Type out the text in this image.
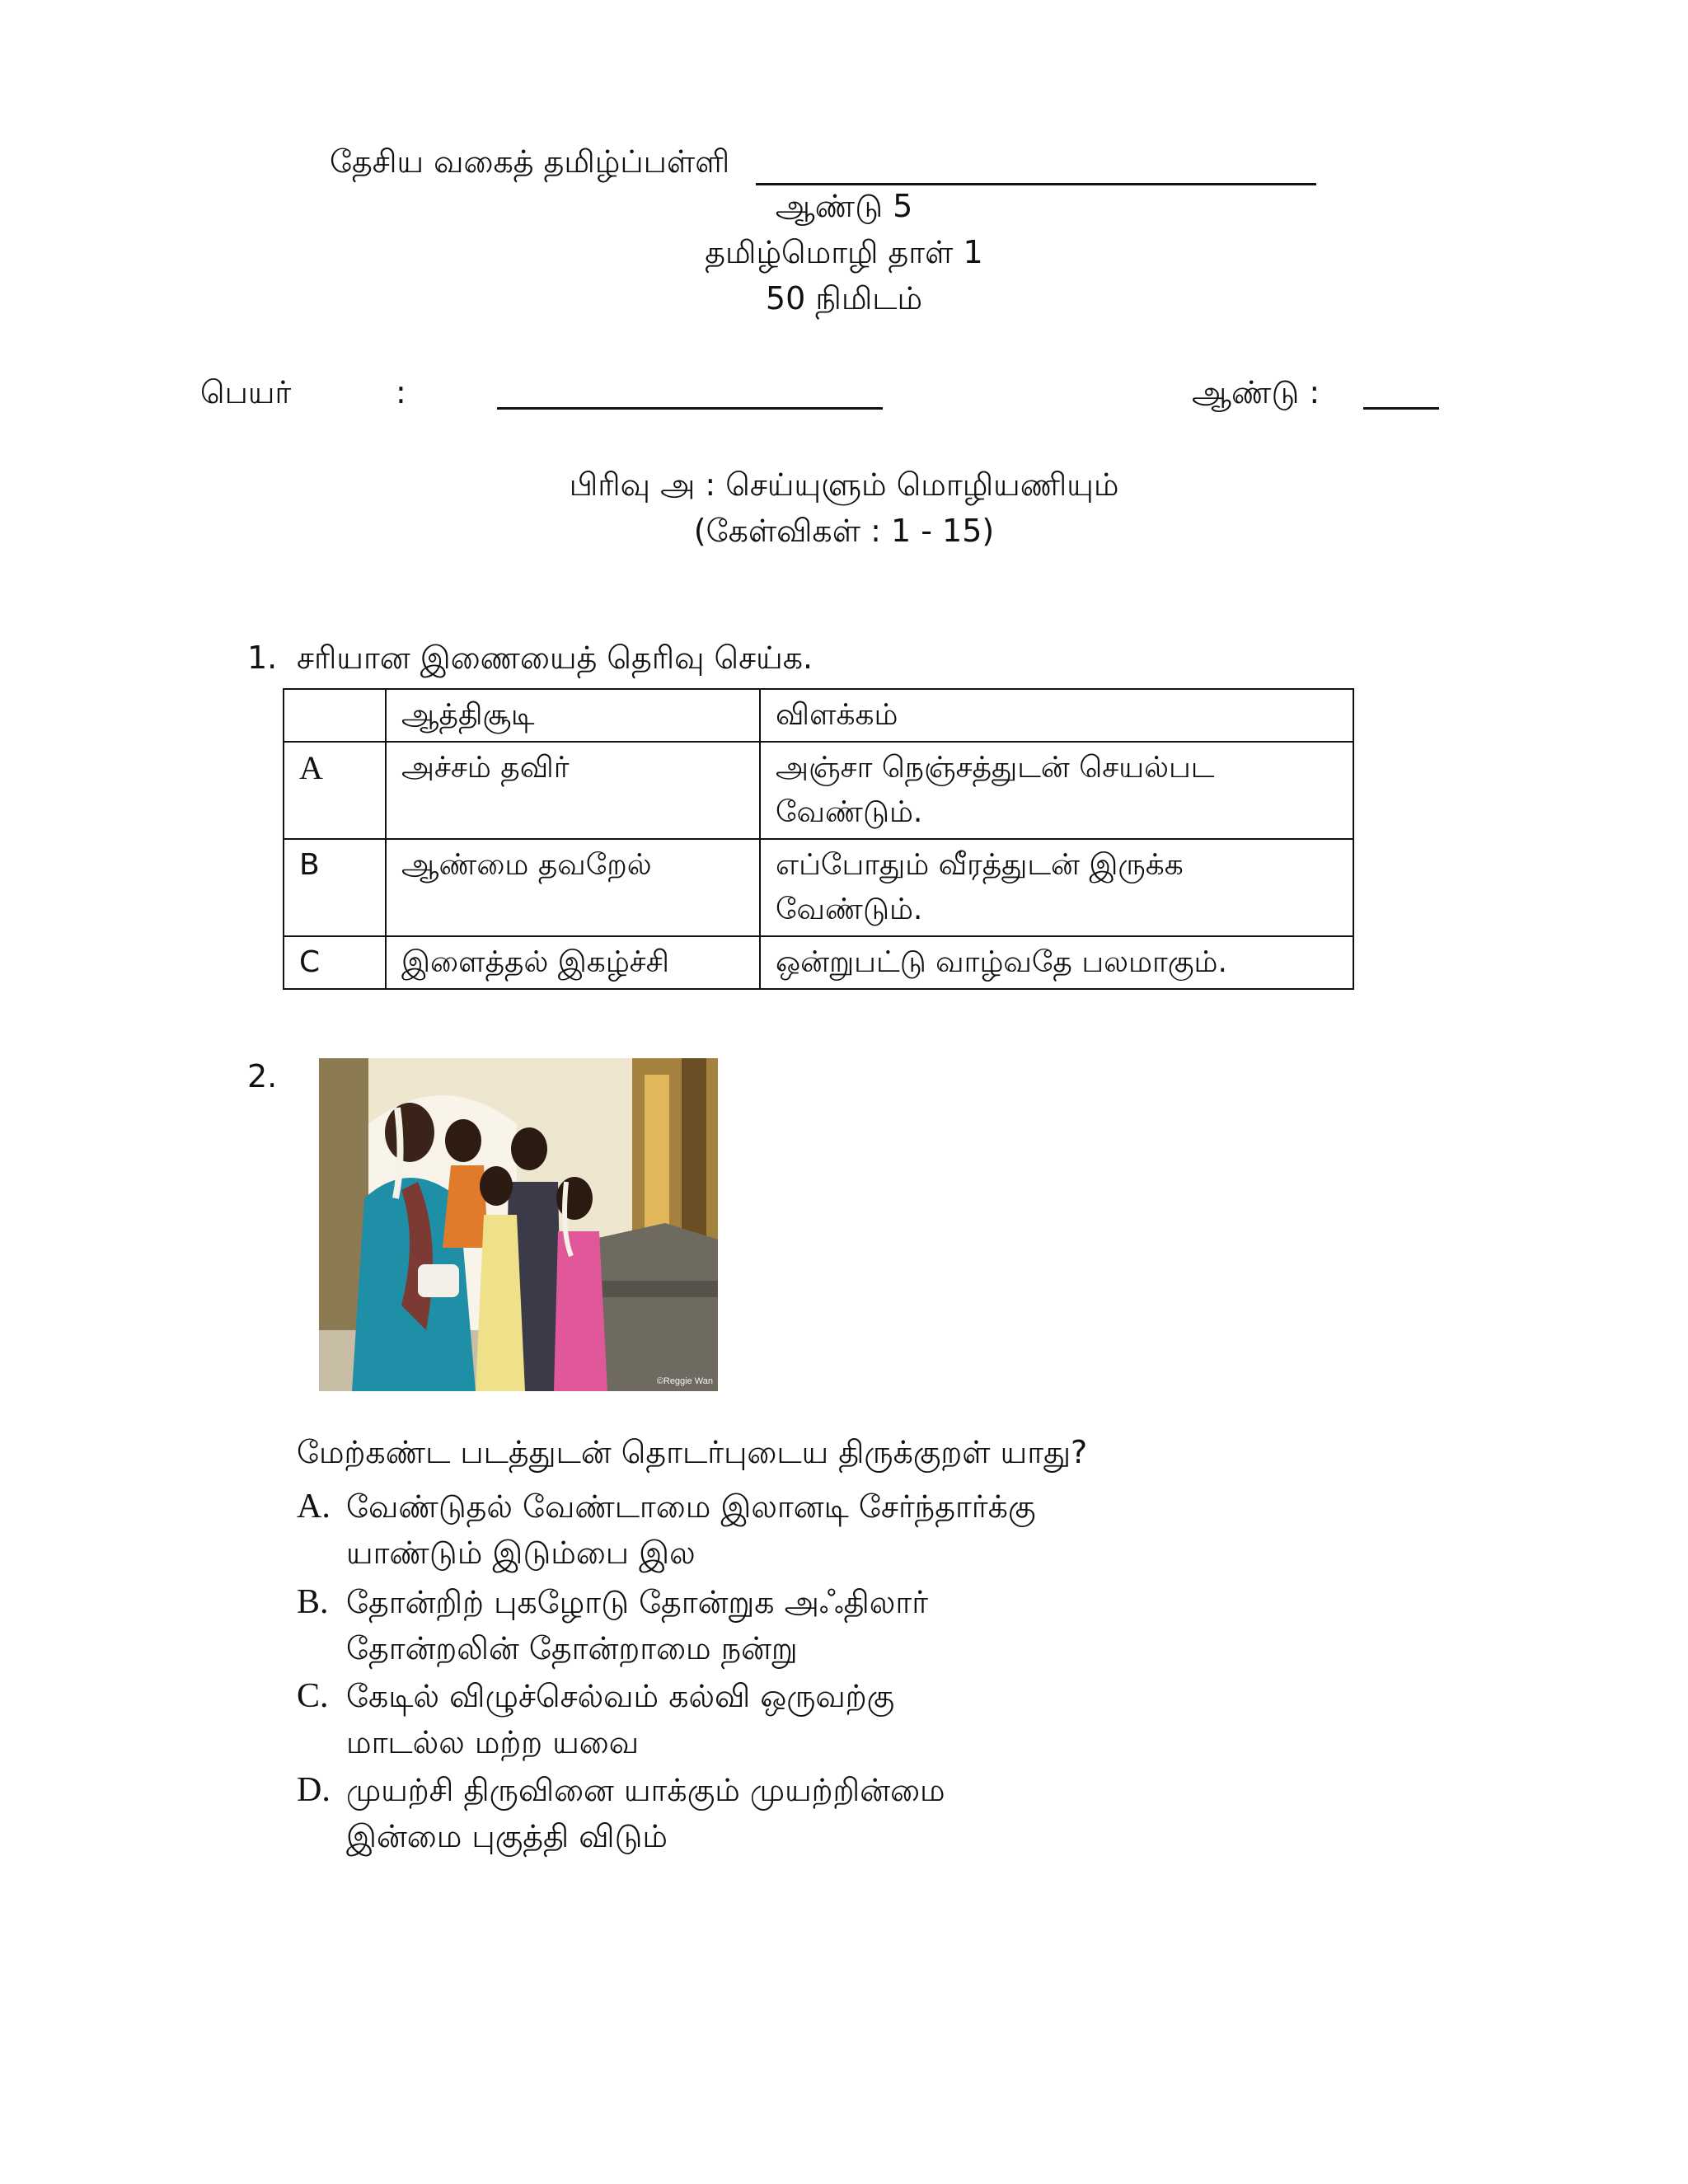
தேசிய வகைத் தமிழ்ப்பள்ளி
ஆண்டு 5
தமிழ்மொழி தாள் 1
50 நிமிடம்
பெயர்	:	ஆண்டு :
பிரிவு அ : செய்யுளும் மொழியணியும்
(கேள்விகள் : 1 - 15)
1. சரியான இணையைத் தெரிவு செய்க.
	ஆத்திசூடி	விளக்கம்
A	அச்சம் தவிர்	அஞ்சா நெஞ்சத்துடன் செயல்பட வேண்டும்.
B	ஆண்மை தவறேல்	எப்போதும் வீரத்துடன் இருக்க வேண்டும்.
C	இளைத்தல் இகழ்ச்சி	ஒன்றுபட்டு வாழ்வதே பலமாகும்.
2.
©Reggie Wan
மேற்கண்ட படத்துடன் தொடர்புடைய திருக்குறள் யாது?
A. வேண்டுதல் வேண்டாமை இலானடி சேர்ந்தார்க்கு
யாண்டும் இடும்பை இல
B. தோன்றிற் புகழோடு தோன்றுக அஃதிலார்
தோன்றலின் தோன்றாமை நன்று
C. கேடில் விழுச்செல்வம் கல்வி ஒருவற்கு
மாடல்ல மற்ற யவை
D. முயற்சி திருவினை யாக்கும் முயற்றின்மை
இன்மை புகுத்தி விடும்
